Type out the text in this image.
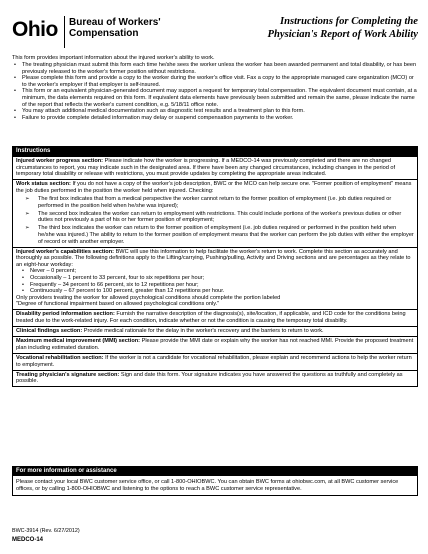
Ohio Bureau of Workers'
Compensation
Instructions for Completing the
Physician's Report of Work Ability

This form provides important information about the injured worker's ability to work.

• The treating physician must submit this form each time he/she sees the worker unless the worker has been awarded permanent and total disability, or has been previously released to the worker's former position without restrictions.
• Please complete this form and provide a copy to the worker during the worker's office visit. Fax a copy to the appropriate managed care organization (MCO) or to the worker's employer if that employer is self-insured.
• This form or an equivalent physician-generated document may support a request for temporary total compensation. The equivalent document must contain, at a minimum, the data elements required on this form. If equivalent data elements have previously been submitted and remain the same, please indicate the name of the report that reflects the worker's current condition, e.g. 5/18/11 office note.
• You may attach additional medical documentation such as diagnostic test results and a treatment plan to this form.
• Failure to provide complete detailed information may delay or suspend compensation payments to the worker.
Instructions
Injured worker progress section: Please indicate how the worker is progressing. If a MEDCO-14 was previously completed and there are no changed circumstances to report, you may indicate such in the designated area. If there have been any changed circumstances, including changes in the period of temporary total disability or release with restrictions, you must provide updates by completing the appropriate areas indicated.
Work status section: If you do not have a copy of the worker's job description, BWC or the MCO can help secure one. "Former position of employment" means the job duties performed in the position the worker held when injured. Checking:
➢ The first box indicates that from a medical perspective the worker cannot return to the former position of employment (i.e. job duties required or performed in the position held when he/she was injured);
➢ The second box indicates the worker can return to employment with restrictions. This could include portions of the worker's previous duties or other duties not previously a part of his or her former position of employment;
➢ The third box indicates the worker can return to the former position of employment (i.e. job duties required or performed in the position held when he/she was injured.) The ability to return to the former position of employment means that the worker can perform the job duties with either the employer of record or with another employer.
Injured worker's capabilities section: BWC will use this information to help facilitate the worker's return to work. Complete this section as accurately and thoroughly as possible. The following definitions apply to the Lifting/carrying, Pushing/pulling, Activity and Driving sections and are percentages as they relate to an eight-hour workday:
• Never – 0 percent;
• Occasionally – 1 percent to 33 percent, four to six repetitions per hour;
• Frequently – 34 percent to 66 percent, six to 12 repetitions per hour;
• Continuously – 67 percent to 100 percent, greater than 12 repetitions per hour.
Only providers treating the worker for allowed psychological conditions should complete the portion labeled
"Degree of functional impairment based on allowed psychological conditions only."
Disability period information section: Furnish the narrative description of the diagnosis(s), site/location, if applicable, and ICD code for the conditions being treated due to the work-related injury. For each condition, indicate whether or not the condition is causing the temporary total disability.
Clinical findings section: Provide medical rationale for the delay in the worker's recovery and the barriers to return to work.
Maximum medical improvement (MMI) section: Please provide the MMI date or explain why the worker has not reached MMI. Provide the proposed treatment plan including estimated duration.
Vocational rehabilitation section: If the worker is not a candidate for vocational rehabilitation, please explain and recommend actions to help the worker return to employment.
Treating physician's signature section: Sign and date this form. Your signature indicates you have answered the questions as truthfully and completely as possible.
For more information or assistance
Please contact your local BWC customer service office, or call 1-800-OHIOBWC. You can obtain BWC forms at ohiobwc.com, at all BWC customer service offices, or by calling 1-800-OHIOBWC and listening to the options to reach a BWC customer service representative.
BWC-3914 (Rev. 6/27/2012)
MEDCO-14
